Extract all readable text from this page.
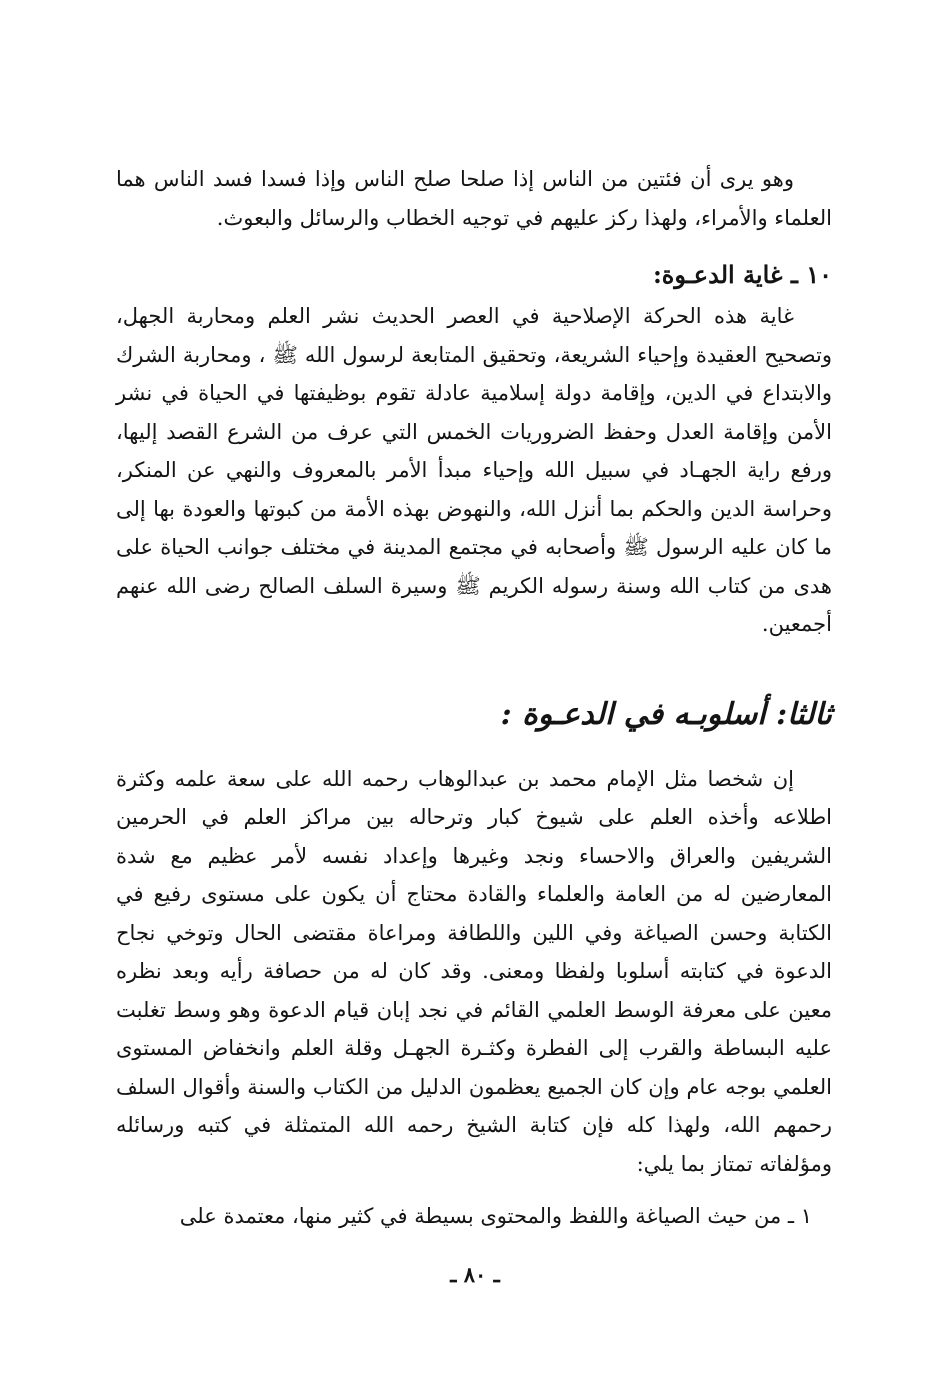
وهو يرى أن فئتين من الناس إذا صلحا صلح الناس وإذا فسدا فسد الناس هما العلماء والأمراء، ولهذا ركز عليهم في توجيه الخطاب والرسائل والبعوث.

١٠ ـ غاية الدعـوة:

غاية هذه الحركة الإصلاحية في العصر الحديث نشر العلم ومحاربة الجهل، وتصحيح العقيدة وإحياء الشريعة، وتحقيق المتابعة لرسول الله ﷺ ، ومحاربة الشرك والابتداع في الدين، وإقامة دولة إسلامية عادلة تقوم بوظيفتها في الحياة في نشر الأمن وإقامة العدل وحفظ الضروريات الخمس التي عرف من الشرع القصد إليها، ورفع راية الجهـاد في سبيل الله وإحياء مبدأ الأمر بالمعروف والنهي عن المنكر، وحراسة الدين والحكم بما أنزل الله، والنهوض بهذه الأمة من كبوتها والعودة بها إلى ما كان عليه الرسول ﷺ وأصحابه في مجتمع المدينة في مختلف جوانب الحياة على هدى من كتاب الله وسنة رسوله الكريم ﷺ وسيرة السلف الصالح رضى الله عنهم أجمعين.

ثالثا: أسلوبـه في الدعـوة :

إن شخصا مثل الإمام محمد بن عبدالوهاب رحمه الله على سعة علمه وكثرة اطلاعه وأخذه العلم على شيوخ كبار وترحاله بين مراكز العلم في الحرمين الشريفين والعراق والاحساء ونجد وغيرها وإعداد نفسه لأمر عظيم مع شدة المعارضين له من العامة والعلماء والقادة محتاج أن يكون على مستوى رفيع في الكتابة وحسن الصياغة وفي اللين واللطافة ومراعاة مقتضى الحال وتوخي نجاح الدعوة في كتابته أسلوبا ولفظا ومعنى. وقد كان له من حصافة رأيه وبعد نظره معين على معرفة الوسط العلمي القائم في نجد إبان قيام الدعوة وهو وسط تغلبت عليه البساطة والقرب إلى الفطرة وكثـرة الجهـل وقلة العلم وانخفاض المستوى العلمي بوجه عام وإن كان الجميع يعظمون الدليل من الكتاب والسنة وأقوال السلف رحمهم الله، ولهذا كله فإن كتابة الشيخ رحمه الله المتمثلة في كتبه ورسائله ومؤلفاته تمتاز بما يلي:

١ ـ من حيث الصياغة واللفظ والمحتوى بسيطة في كثير منها، معتمدة على

ـ ٨٠ ـ
